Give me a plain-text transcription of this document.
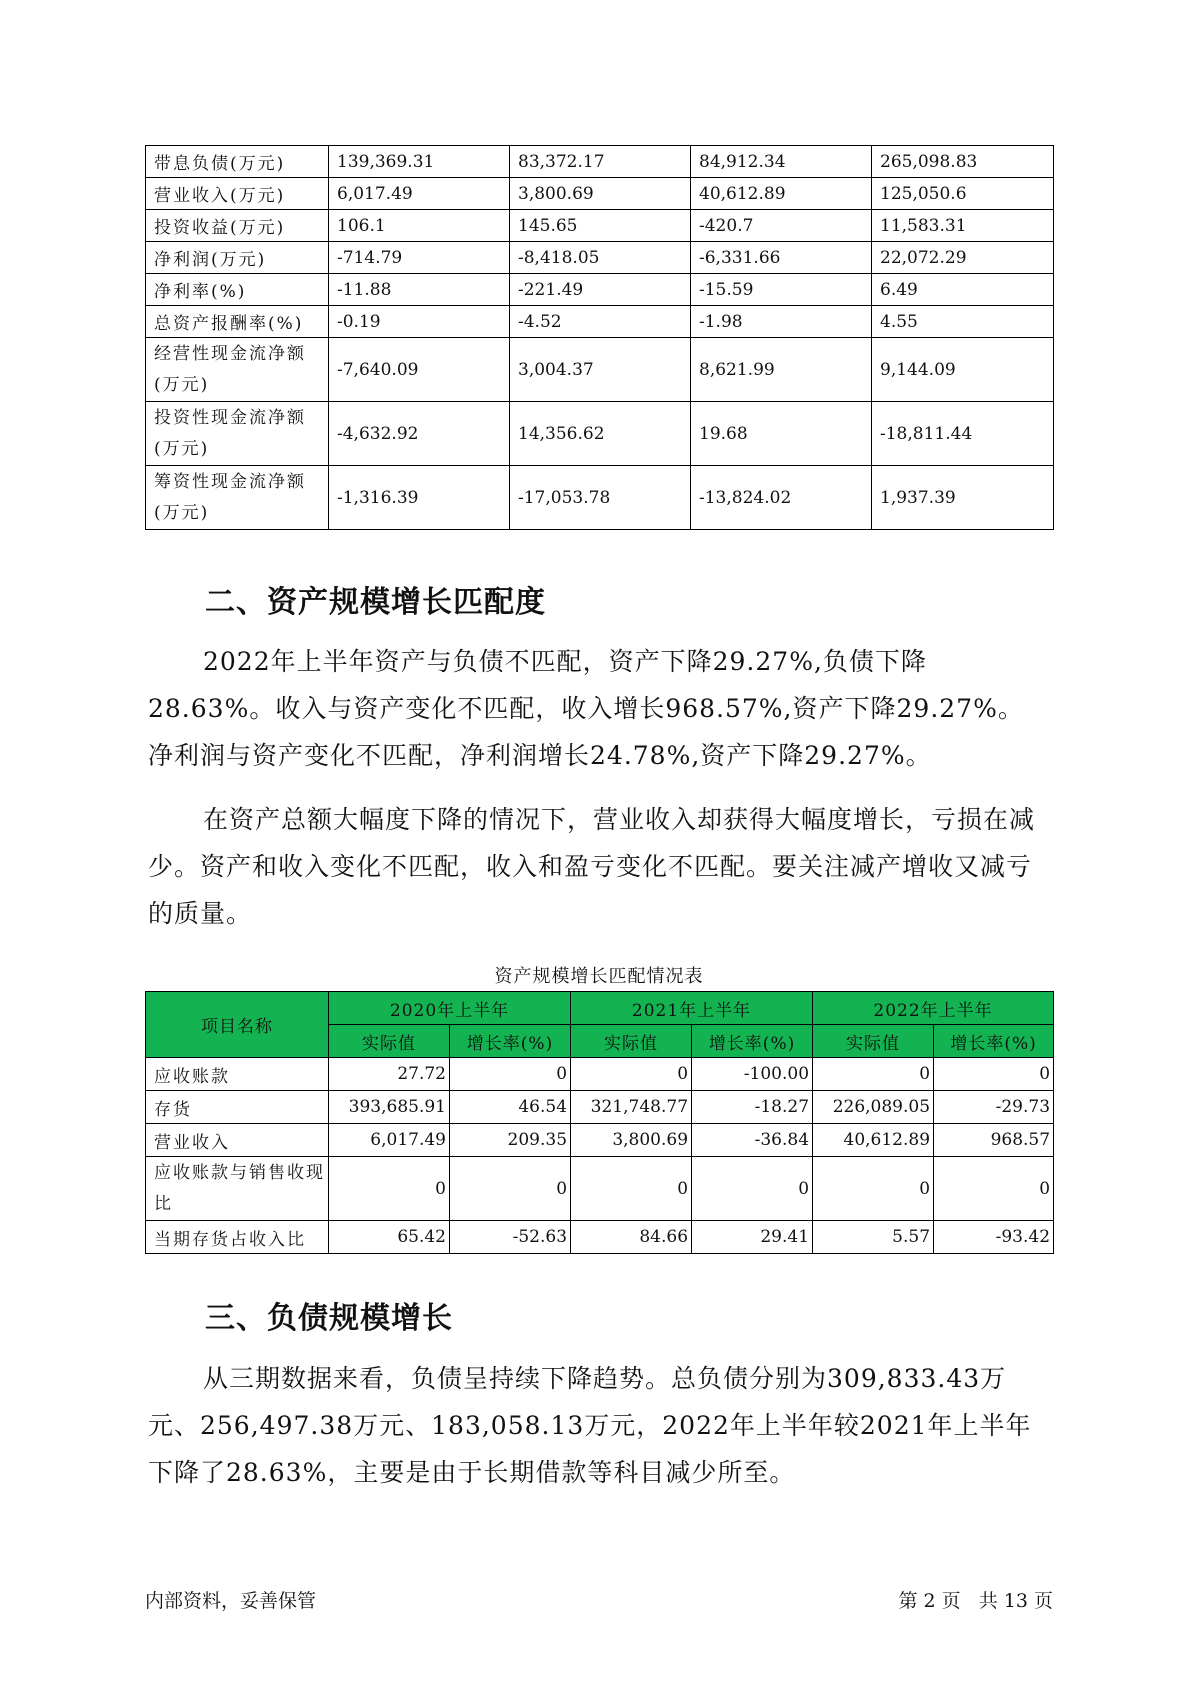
带息负债(万元)	139,369.31	83,372.17	84,912.34	265,098.83
营业收入(万元)	6,017.49	3,800.69	40,612.89	125,050.6
投资收益(万元)	106.1	145.65	-420.7	11,583.31
净利润(万元)	-714.79	-8,418.05	-6,331.66	22,072.29
净利率(%)	-11.88	-221.49	-15.59	6.49
总资产报酬率(%)	-0.19	-4.52	-1.98	4.55
经营性现金流净额(万元)	-7,640.09	3,004.37	8,621.99	9,144.09
投资性现金流净额(万元)	-4,632.92	14,356.62	19.68	-18,811.44
筹资性现金流净额(万元)	-1,316.39	-17,053.78	-13,824.02	1,937.39
二、资产规模增长匹配度

2022年上半年资产与负债不匹配，资产下降29.27%,负债下降28.63%。收入与资产变化不匹配，收入增长968.57%,资产下降29.27%。净利润与资产变化不匹配，净利润增长24.78%,资产下降29.27%。

在资产总额大幅度下降的情况下，营业收入却获得大幅度增长，亏损在减少。资产和收入变化不匹配，收入和盈亏变化不匹配。要关注减产增收又减亏的质量。

资产规模增长匹配情况表
项目名称	2020年上半年		2021年上半年		2022年上半年	
	实际值	增长率(%)	实际值	增长率(%)	实际值	增长率(%)
应收账款	27.72	0	0	-100.00	0	0
存货	393,685.91	46.54	321,748.77	-18.27	226,089.05	-29.73
营业收入	6,017.49	209.35	3,800.69	-36.84	40,612.89	968.57
应收账款与销售收现比	0	0	0	0	0	0
当期存货占收入比	65.42	-52.63	84.66	29.41	5.57	-93.42
三、负债规模增长

从三期数据来看，负债呈持续下降趋势。总负债分别为309,833.43万元、256,497.38万元、183,058.13万元，2022年上半年较2021年上半年下降了28.63%，主要是由于长期借款等科目减少所至。

内部资料，妥善保管	第 2 页   共 13 页
